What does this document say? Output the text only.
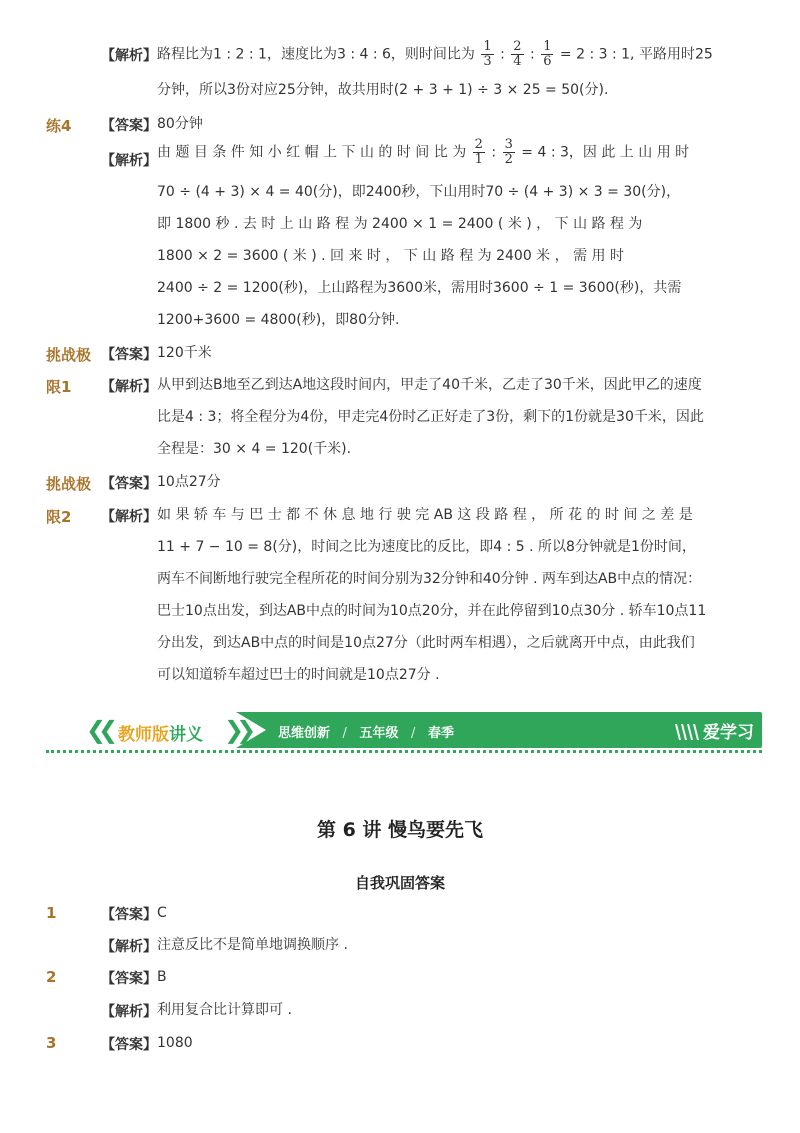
【解析】 路程比为1 : 2 : 1，速度比为3 : 4 : 6，则时间比为 $\frac{1}{3}$ : $\frac{2}{4}$ : $\frac{1}{6} = 2$ : 3 : 1, 平路用时25
分钟，所以3份对应25分钟，故共用时(2 + 3 + 1) ÷ 3 × 25 = 50(分).
练4 【答案】 80分钟
【解析】
由 题 目 条 件 知 小 红 帽 上 下 山 的 时 间 比 为 $\frac{2}{1}$ : $\frac{3}{2} = 4$ : 3，因 此 上 山 用 时
70 ÷ (4 + 3) × 4 = 40(分)，即2400秒，下山用时70 ÷ (4 + 3) × 3 = 30(分)，
即 1800 秒 . 去 时 上 山 路 程 为 2400 × 1 = 2400 ( 米 ) ， 下 山 路 程 为
1800 × 2 = 3600 ( 米 ) . 回 来 时 ， 下 山 路 程 为 2400 米 ， 需 用 时
2400 ÷ 2 = 1200(秒)，上山路程为3600米，需用时3600 ÷ 1 = 3600(秒)，共需
1200+3600 = 4800(秒)，即80分钟.
挑战极 【答案】 120千米
限1 【解析】 从甲到达B地至乙到达A地这段时间内，甲走了40千米，乙走了30千米，因此甲乙的速度
比是4 : 3；将全程分为4份，甲走完4份时乙正好走了3份，剩下的1份就是30千米，因此
全程是：30 × 4 = 120(千米).
挑战极 【答案】 10点27分
限2 【解析】 如 果 轿 车 与 巴 士 都 不 休 息 地 行 驶 完 AB 这 段 路 程 ， 所 花 的 时 间 之 差 是
11 + 7 − 10 = 8(分)，时间之比为速度比的反比，即4 : 5 . 所以8分钟就是1份时间，
两车不间断地行驶完全程所花的时间分别为32分钟和40分钟 . 两车到达AB中点的情况：
巴士10点出发，到达AB中点的时间为10点20分，并在此停留到10点30分 . 轿车10点11
分出发，到达AB中点的时间是10点27分（此时两车相遇），之后就离开中点，由此我们
可以知道轿车超过巴士的时间就是10点27分 .
❮❮ 教师版讲义 ❯❯ 思维创新 / 五年级 / 春季	爱学习
第 6 讲 慢鸟要先飞
自我巩固答案
1	【答案】 C
【解析】 注意反比不是简单地调换顺序 .
2	【答案】 B
【解析】 利用复合比计算即可 .
3	【答案】 1080
